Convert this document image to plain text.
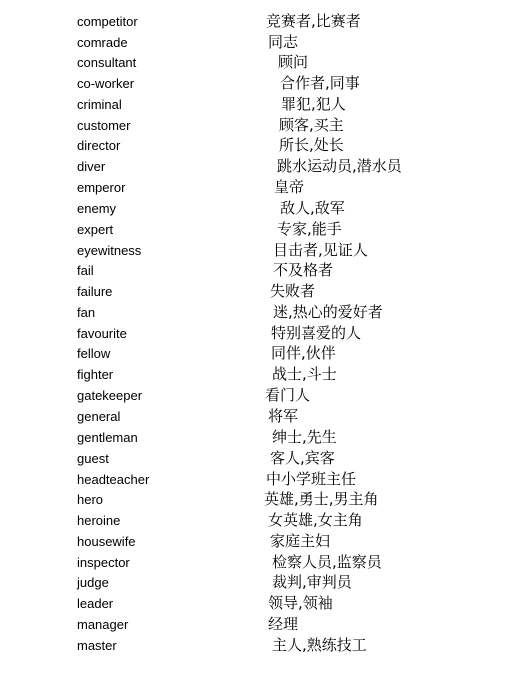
competitor	竞赛者,比赛者
comrade	同志
consultant	顾问
co-worker	合作者,同事
criminal	罪犯,犯人
customer	顾客,买主
director	所长,处长
diver	跳水运动员,潜水员
emperor	皇帝
enemy	敌人,敌军
expert	专家,能手
eyewitness	目击者,见证人
fail	不及格者
failure	失败者
fan	迷,热心的爱好者
favourite	特别喜爱的人
fellow	同伴,伙伴
fighter	战士,斗士
gatekeeper	看门人
general	将军
gentleman	绅士,先生
guest	客人,宾客
headteacher	中小学班主任
hero	英雄,勇士,男主角
heroine	女英雄,女主角
housewife	家庭主妇
inspector	检察人员,监察员
judge	裁判,审判员
leader	领导,领袖
manager	经理
master	主人,熟练技工
